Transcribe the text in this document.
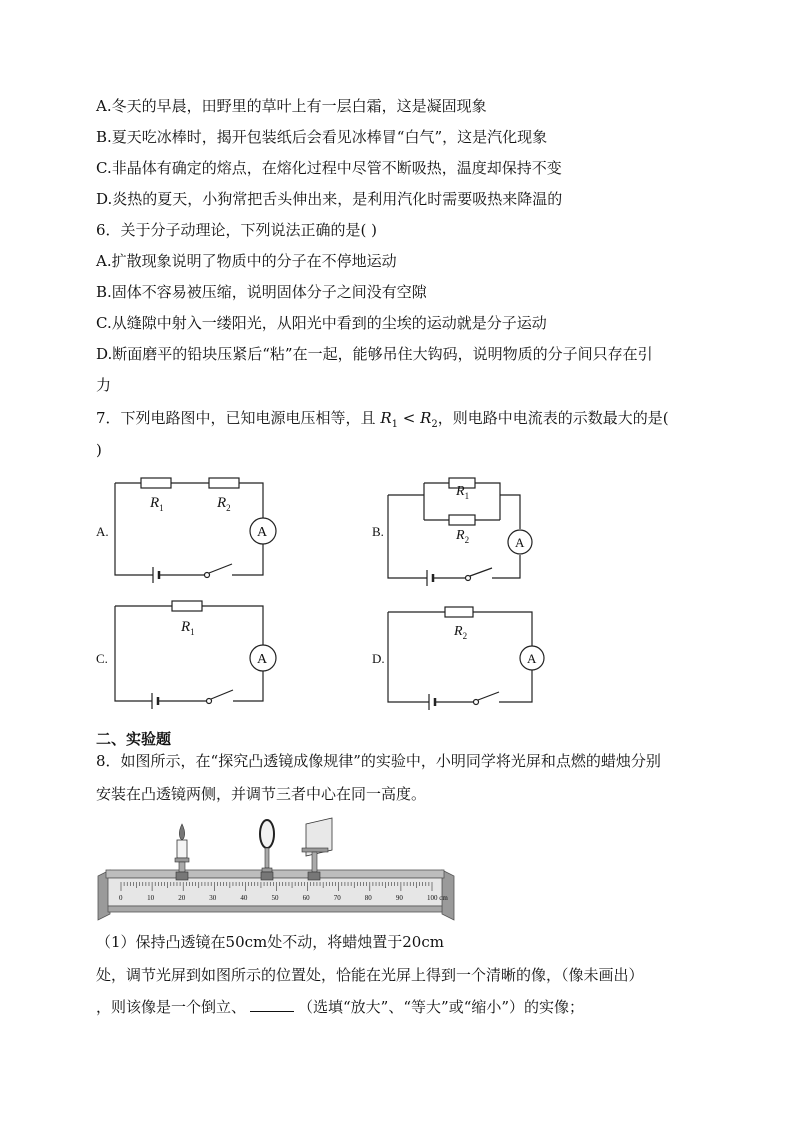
A.冬天的早晨，田野里的草叶上有一层白霜，这是凝固现象
B.夏天吃冰棒时，揭开包装纸后会看见冰棒冒“白气”，这是汽化现象
C.非晶体有确定的熔点，在熔化过程中尽管不断吸热，温度却保持不变
D.炎热的夏天，小狗常把舌头伸出来，是利用汽化时需要吸热来降温的
6．关于分子动理论，下列说法正确的是( )
A.扩散现象说明了物质中的分子在不停地运动
B.固体不容易被压缩，说明固体分子之间没有空隙
C.从缝隙中射入一缕阳光，从阳光中看到的尘埃的运动就是分子运动
D.断面磨平的铅块压紧后“粘”在一起，能够吊住大钩码，说明物质的分子间只存在引
力
7．下列电路图中，已知电源电压相等，且 $R_1 < R_2$，则电路中电流表的示数最大的是(
)
A.	B.
C.	D.
$R_1$	$R_2$
$R_1$
$R_2$
$R_1$	$R_2$
A
A
A	A
二、实验题
8．如图所示，在“探究凸透镜成像规律”的实验中，小明同学将光屏和点燃的蜡烛分别
安装在凸透镜两侧，并调节三者中心在同一高度。
0	10	20	30	40	50	60	70	80	90	100 cm
（1）保持凸透镜在50cm处不动，将蜡烛置于20cm
处，调节光屏到如图所示的位置处，恰能在光屏上得到一个清晰的像，（像未画出）
，则该像是一个倒立、	（选填“放大”、“等大”或“缩小”）的实像；
